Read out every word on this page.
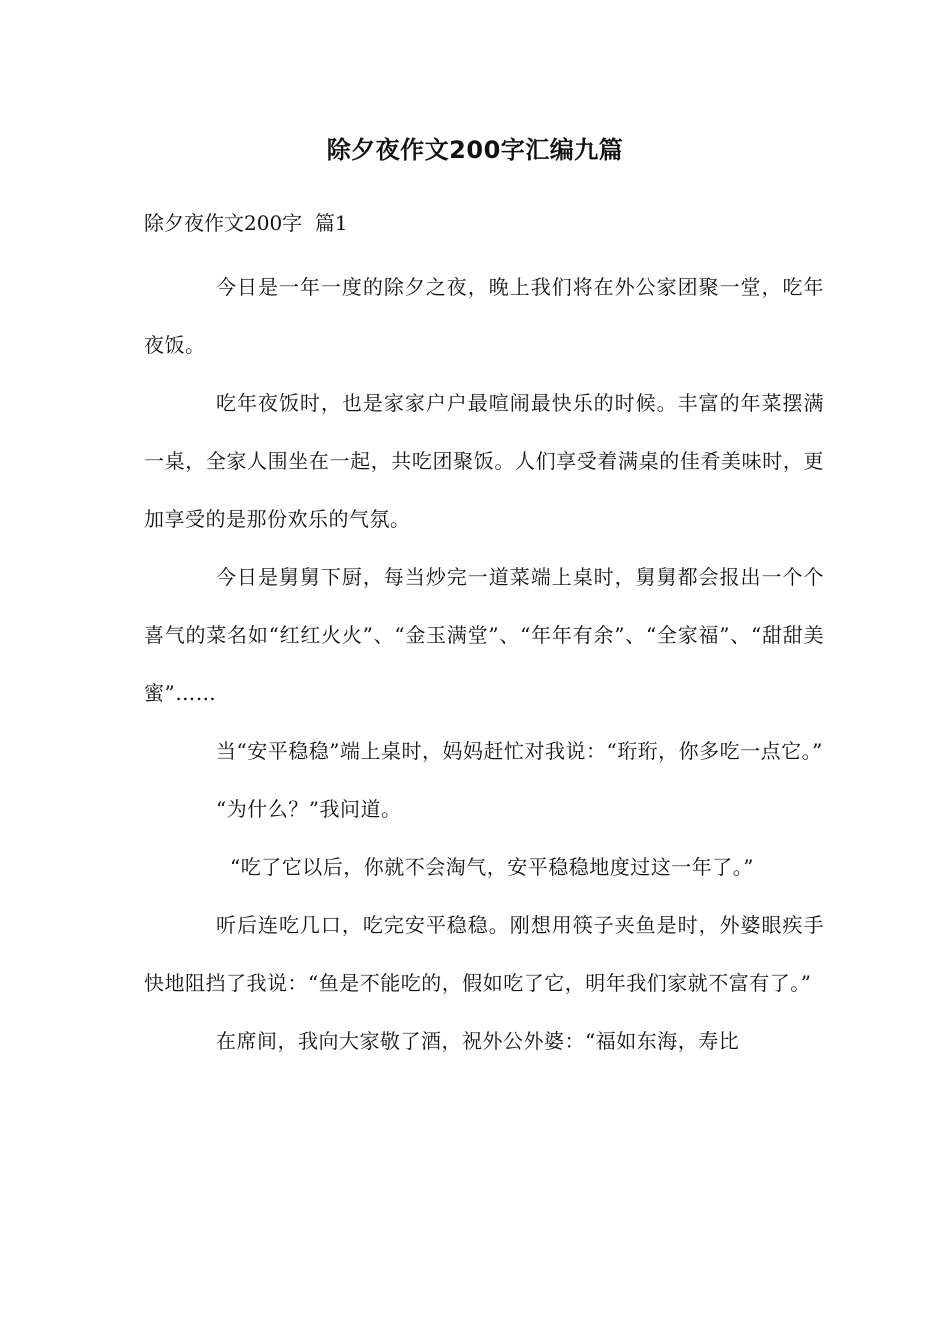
除夕夜作文200字汇编九篇
除夕夜作文200字  篇1

今日是一年一度的除夕之夜，晚上我们将在外公家团聚一堂，吃年夜饭。

吃年夜饭时，也是家家户户最喧闹最快乐的时候。丰富的年菜摆满一桌，全家人围坐在一起，共吃团聚饭。人们享受着满桌的佳肴美味时，更加享受的是那份欢乐的气氛。

今日是舅舅下厨，每当炒完一道菜端上桌时，舅舅都会报出一个个喜气的菜名如“红红火火”、“金玉满堂”、“年年有余”、“全家福”、“甜甜美蜜”……

当“安平稳稳”端上桌时，妈妈赶忙对我说：“珩珩，你多吃一点它。”

“为什么？”我问道。

“吃了它以后，你就不会淘气，安平稳稳地度过这一年了。”

听后连吃几口，吃完安平稳稳。刚想用筷子夹鱼是时，外婆眼疾手快地阻挡了我说：“鱼是不能吃的，假如吃了它，明年我们家就不富有了。”

在席间，我向大家敬了酒，祝外公外婆：“福如东海，寿比
